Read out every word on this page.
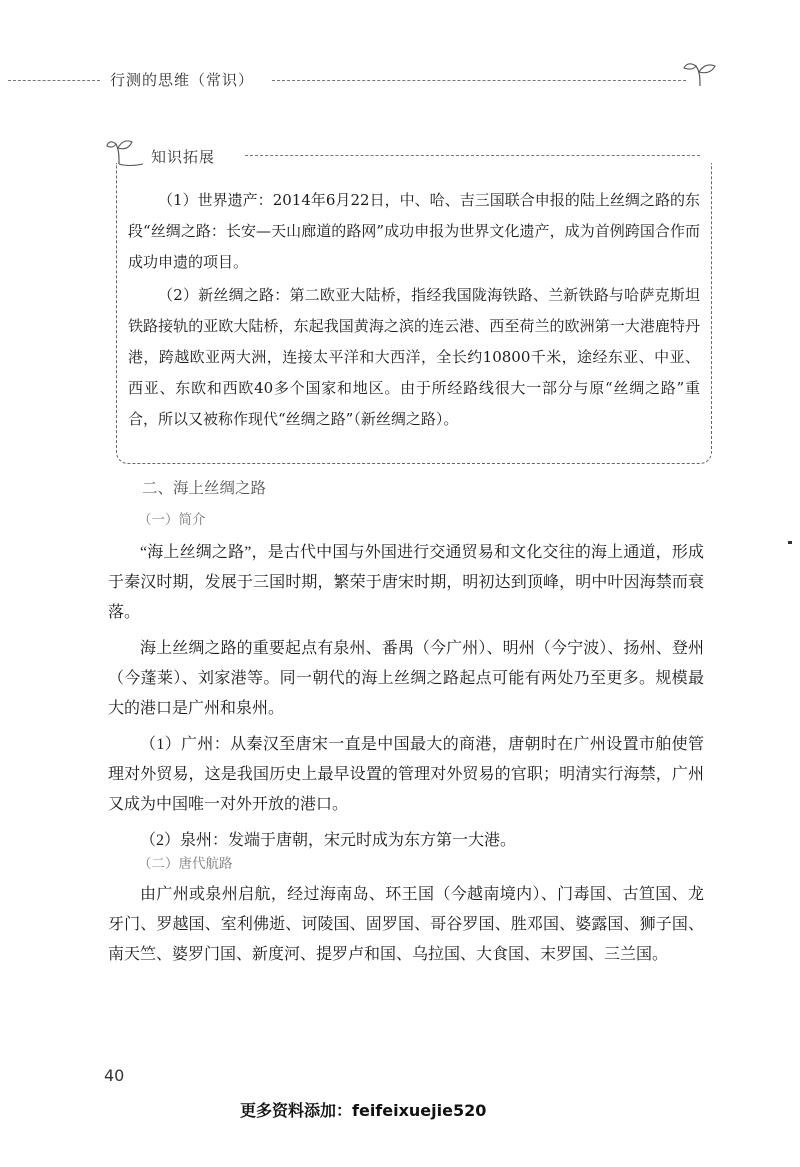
行测的思维（常识）
知识拓展

（1）世界遗产：2014年6月22日，中、哈、吉三国联合申报的陆上丝绸之路的东段“丝绸之路：长安—天山廊道的路网”成功申报为世界文化遗产，成为首例跨国合作而成功申遗的项目。

（2）新丝绸之路：第二欧亚大陆桥，指经我国陇海铁路、兰新铁路与哈萨克斯坦铁路接轨的亚欧大陆桥，东起我国黄海之滨的连云港、西至荷兰的欧洲第一大港鹿特丹港，跨越欧亚两大洲，连接太平洋和大西洋，全长约10800千米，途经东亚、中亚、西亚、东欧和西欧40多个国家和地区。由于所经路线很大一部分与原“丝绸之路”重合，所以又被称作现代“丝绸之路”（新丝绸之路）。

二、海上丝绸之路
（一）简介

“海上丝绸之路”，是古代中国与外国进行交通贸易和文化交往的海上通道，形成于秦汉时期，发展于三国时期，繁荣于唐宋时期，明初达到顶峰，明中叶因海禁而衰落。

海上丝绸之路的重要起点有泉州、番禺（今广州）、明州（今宁波）、扬州、登州（今蓬莱）、刘家港等。同一朝代的海上丝绸之路起点可能有两处乃至更多。规模最大的港口是广州和泉州。

（1）广州：从秦汉至唐宋一直是中国最大的商港，唐朝时在广州设置市舶使管理对外贸易，这是我国历史上最早设置的管理对外贸易的官职；明清实行海禁，广州又成为中国唯一对外开放的港口。

（2）泉州：发端于唐朝，宋元时成为东方第一大港。

（二）唐代航路

由广州或泉州启航，经过海南岛、环王国（今越南境内）、门毒国、古笪国、龙牙门、罗越国、室利佛逝、诃陵国、固罗国、哥谷罗国、胜邓国、婆露国、狮子国、南天竺、婆罗门国、新度河、提罗卢和国、乌拉国、大食国、末罗国、三兰国。

40
更多资料添加：feifeixuejie520
